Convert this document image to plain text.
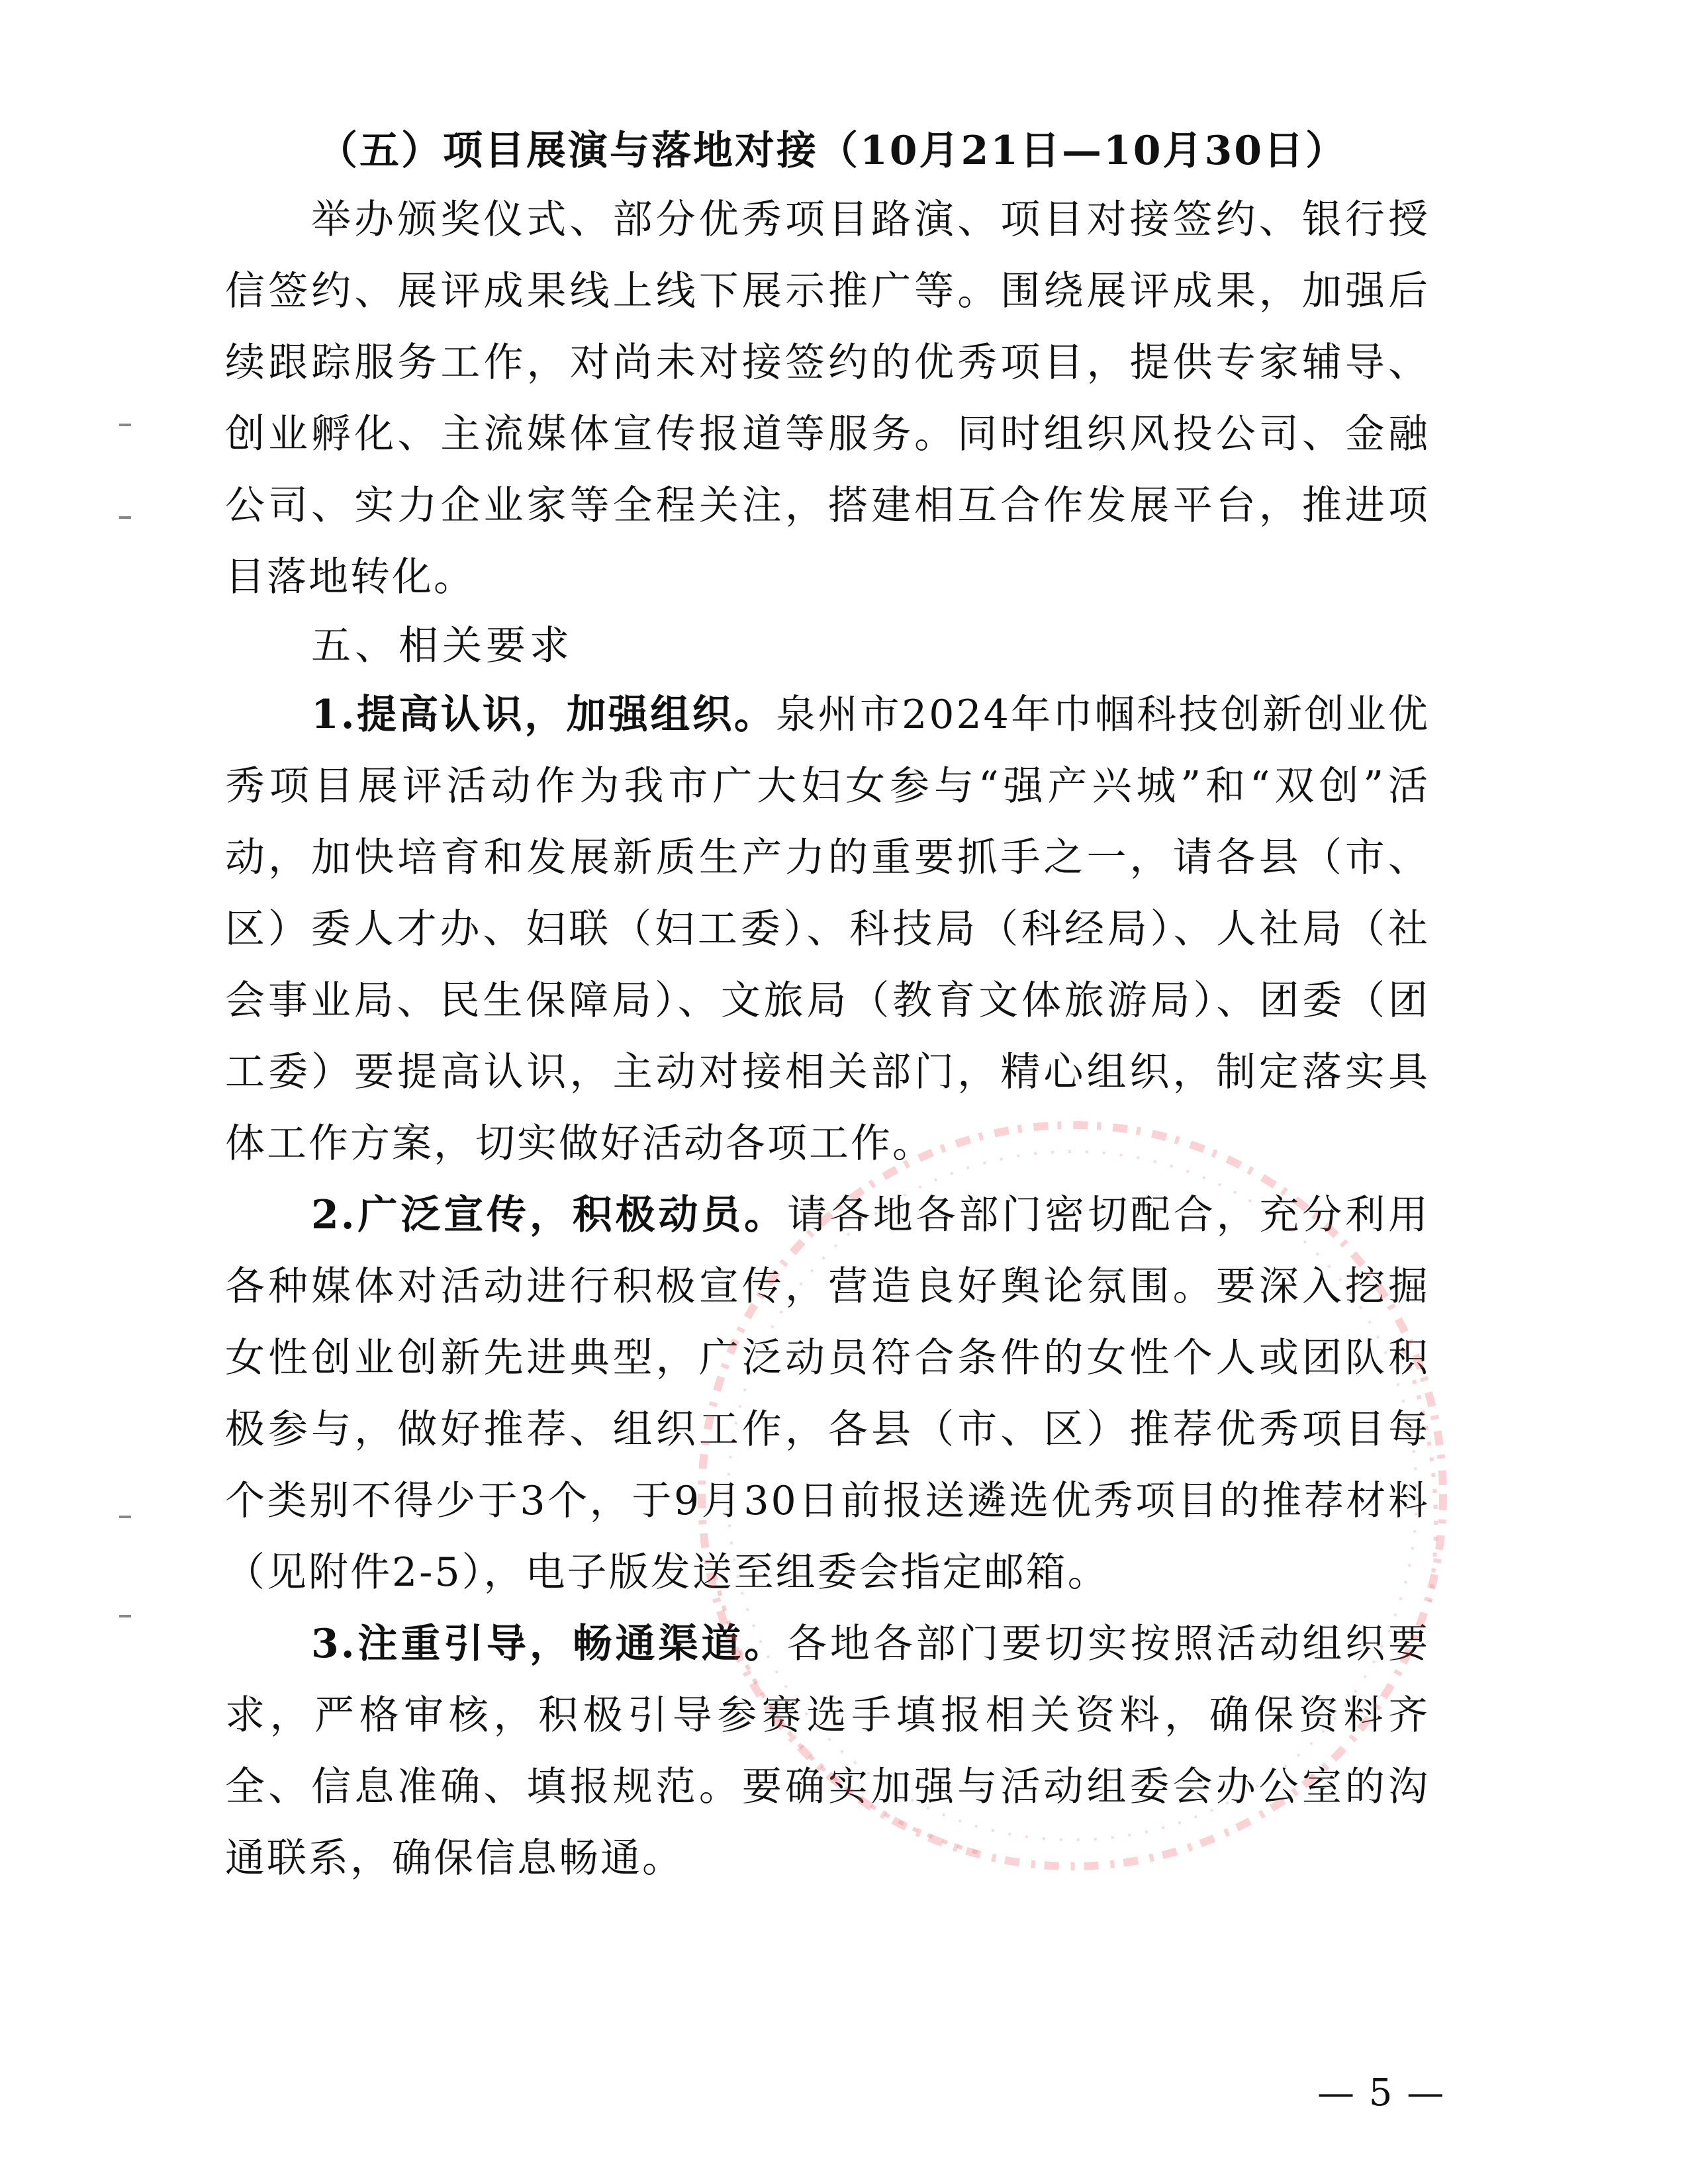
（五）项目展演与落地对接（10月21日—10月30日）

举办颁奖仪式、部分优秀项目路演、项目对接签约、银行授信签约、展评成果线上线下展示推广等。围绕展评成果，加强后续跟踪服务工作，对尚未对接签约的优秀项目，提供专家辅导、创业孵化、主流媒体宣传报道等服务。同时组织风投公司、金融公司、实力企业家等全程关注，搭建相互合作发展平台，推进项目落地转化。

五、相关要求

1.提高认识，加强组织。泉州市2024年巾帼科技创新创业优秀项目展评活动作为我市广大妇女参与“强产兴城”和“双创”活动，加快培育和发展新质生产力的重要抓手之一，请各县（市、区）委人才办、妇联（妇工委）、科技局（科经局）、人社局（社会事业局、民生保障局）、文旅局（教育文体旅游局）、团委（团工委）要提高认识，主动对接相关部门，精心组织，制定落实具体工作方案，切实做好活动各项工作。

2.广泛宣传，积极动员。请各地各部门密切配合，充分利用各种媒体对活动进行积极宣传，营造良好舆论氛围。要深入挖掘女性创业创新先进典型，广泛动员符合条件的女性个人或团队积极参与，做好推荐、组织工作，各县（市、区）推荐优秀项目每个类别不得少于3个，于9月30日前报送遴选优秀项目的推荐材料（见附件2-5），电子版发送至组委会指定邮箱。

3.注重引导，畅通渠道。各地各部门要切实按照活动组织要求，严格审核，积极引导参赛选手填报相关资料，确保资料齐全、信息准确、填报规范。要确实加强与活动组委会办公室的沟通联系，确保信息畅通。

— 5 —
